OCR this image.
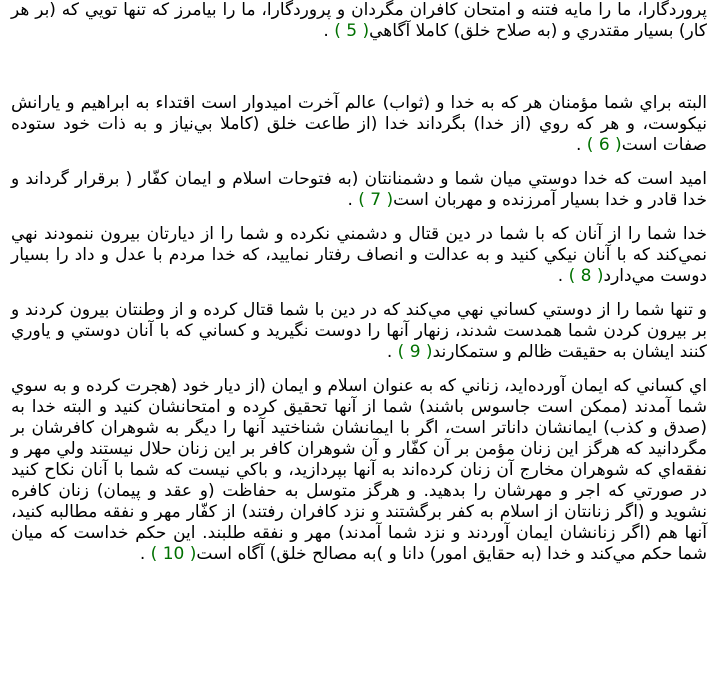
پروردگارا، ما را مايه فتنه و امتحان كافران مگردان و پروردگارا، ما را بيامرز كه تنها تويي كه (بر هر كار) بسيار مقتدري و (به صلاح خلق) كاملا آگاهي( 5 ) .

البته براي شما مؤمنان هر كه به خدا و (ثواب) عالم آخرت اميدوار است اقتداء به ابراهيم و يارانش نيكوست، و هر كه روي (از خدا) بگرداند خدا (از طاعت خلق (كاملا بي‌نياز و به ذات خود ستوده صفات است( 6 ) .

اميد است كه خدا دوستي ميان شما و دشمنانتان (به فتوحات اسلام و ايمان كفّار ( برقرار گرداند و خدا قادر و خدا بسيار آمرزنده و مهربان است( 7 ) .

خدا شما را از آنان كه با شما در دين قتال و دشمني نكرده و شما را از ديارتان بيرون ننمودند نهي نمي‌كند كه با آنان نيكي كنيد و به عدالت و انصاف رفتار نماييد، كه خدا مردم با عدل و داد را بسيار دوست مي‌دارد( 8 ) .

و تنها شما را از دوستي كساني نهي مي‌كند كه در دين با شما قتال كرده و از وطنتان بيرون كردند و بر بيرون كردن شما همدست شدند، زنهار آنها را دوست نگيريد و كساني كه با آنان دوستي و ياوري كنند ايشان به حقيقت ظالم و ستمكارند( 9 ) .

اي كساني كه ايمان آورده‌ايد، زناني كه به عنوان اسلام و ايمان (از ديار خود (هجرت كرده و به سوي شما آمدند (ممكن است جاسوس باشند) شما از آنها تحقيق كرده و امتحانشان كنيد و البته خدا به (صدق و كذب) ايمانشان داناتر است، اگر با ايمانشان شناختيد آنها را ديگر به شوهران كافرشان بر مگردانيد كه هرگز اين زنان مؤمن بر آن كفّار و آن شوهران كافر بر اين زنان حلال نيستند ولي مهر و نفقه‌اي كه شوهران مخارج آن زنان كرده‌اند به آنها بپردازيد، و باكي نيست كه شما با آنان نكاح كنيد در صورتي كه اجر و مهرشان را بدهيد. و هرگز متوسل به حفاظت (و عقد و پيمان) زنان كافره نشويد و (اگر زنانتان از اسلام به كفر برگشتند و نزد كافران رفتند) از كفّار مهر و نفقه مطالبه كنيد، آنها هم (اگر زنانشان ايمان آوردند و نزد شما آمدند) مهر و نفقه طلبند. اين حكم خداست كه ميان شما حكم مي‌كند و خدا (به حقايق امور) دانا و )به مصالح خلق) آگاه است( 10 ) .
